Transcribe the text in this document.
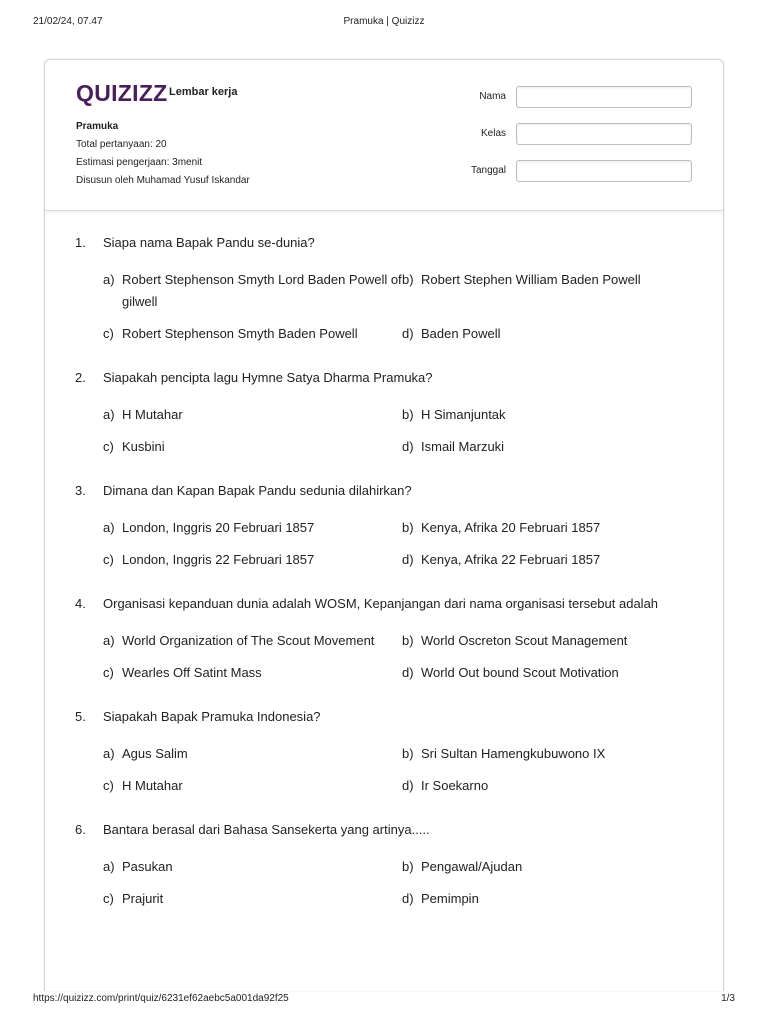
21/02/24, 07.47	Pramuka | Quizizz
QUIZIZZ Lembar kerja
Pramuka
Total pertanyaan: 20
Estimasi pengerjaan: 3menit
Disusun oleh Muhamad Yusuf Iskandar
Nama
Kelas
Tanggal
1.	Siapa nama Bapak Pandu se-dunia?
a) Robert Stephenson Smyth Lord Baden Powell of gilwell
b) Robert Stephen William Baden Powell
c) Robert Stephenson Smyth Baden Powell	d) Baden Powell
2.	Siapakah pencipta lagu Hymne Satya Dharma Pramuka?
a) H Mutahar	b) H Simanjuntak
c) Kusbini	d) Ismail Marzuki
3.	Dimana dan Kapan Bapak Pandu sedunia dilahirkan?
a) London, Inggris 20 Februari 1857	b) Kenya, Afrika 20 Februari 1857
c) London, Inggris 22 Februari 1857	d) Kenya, Afrika 22 Februari 1857
4.	Organisasi kepanduan dunia adalah WOSM, Kepanjangan dari nama organisasi tersebut adalah
a) World Organization of The Scout Movement	b) World Oscreton Scout Management
c) Wearles Off Satint Mass	d) World Out bound Scout Motivation
5.	Siapakah Bapak Pramuka Indonesia?
a) Agus Salim	b) Sri Sultan Hamengkubuwono IX
c) H Mutahar	d) Ir Soekarno
6.	Bantara berasal dari Bahasa Sansekerta yang artinya.....
a) Pasukan	b) Pengawal/Ajudan
c) Prajurit	d) Pemimpin
https://quizizz.com/print/quiz/6231ef62aebc5a001da92f25	1/3
